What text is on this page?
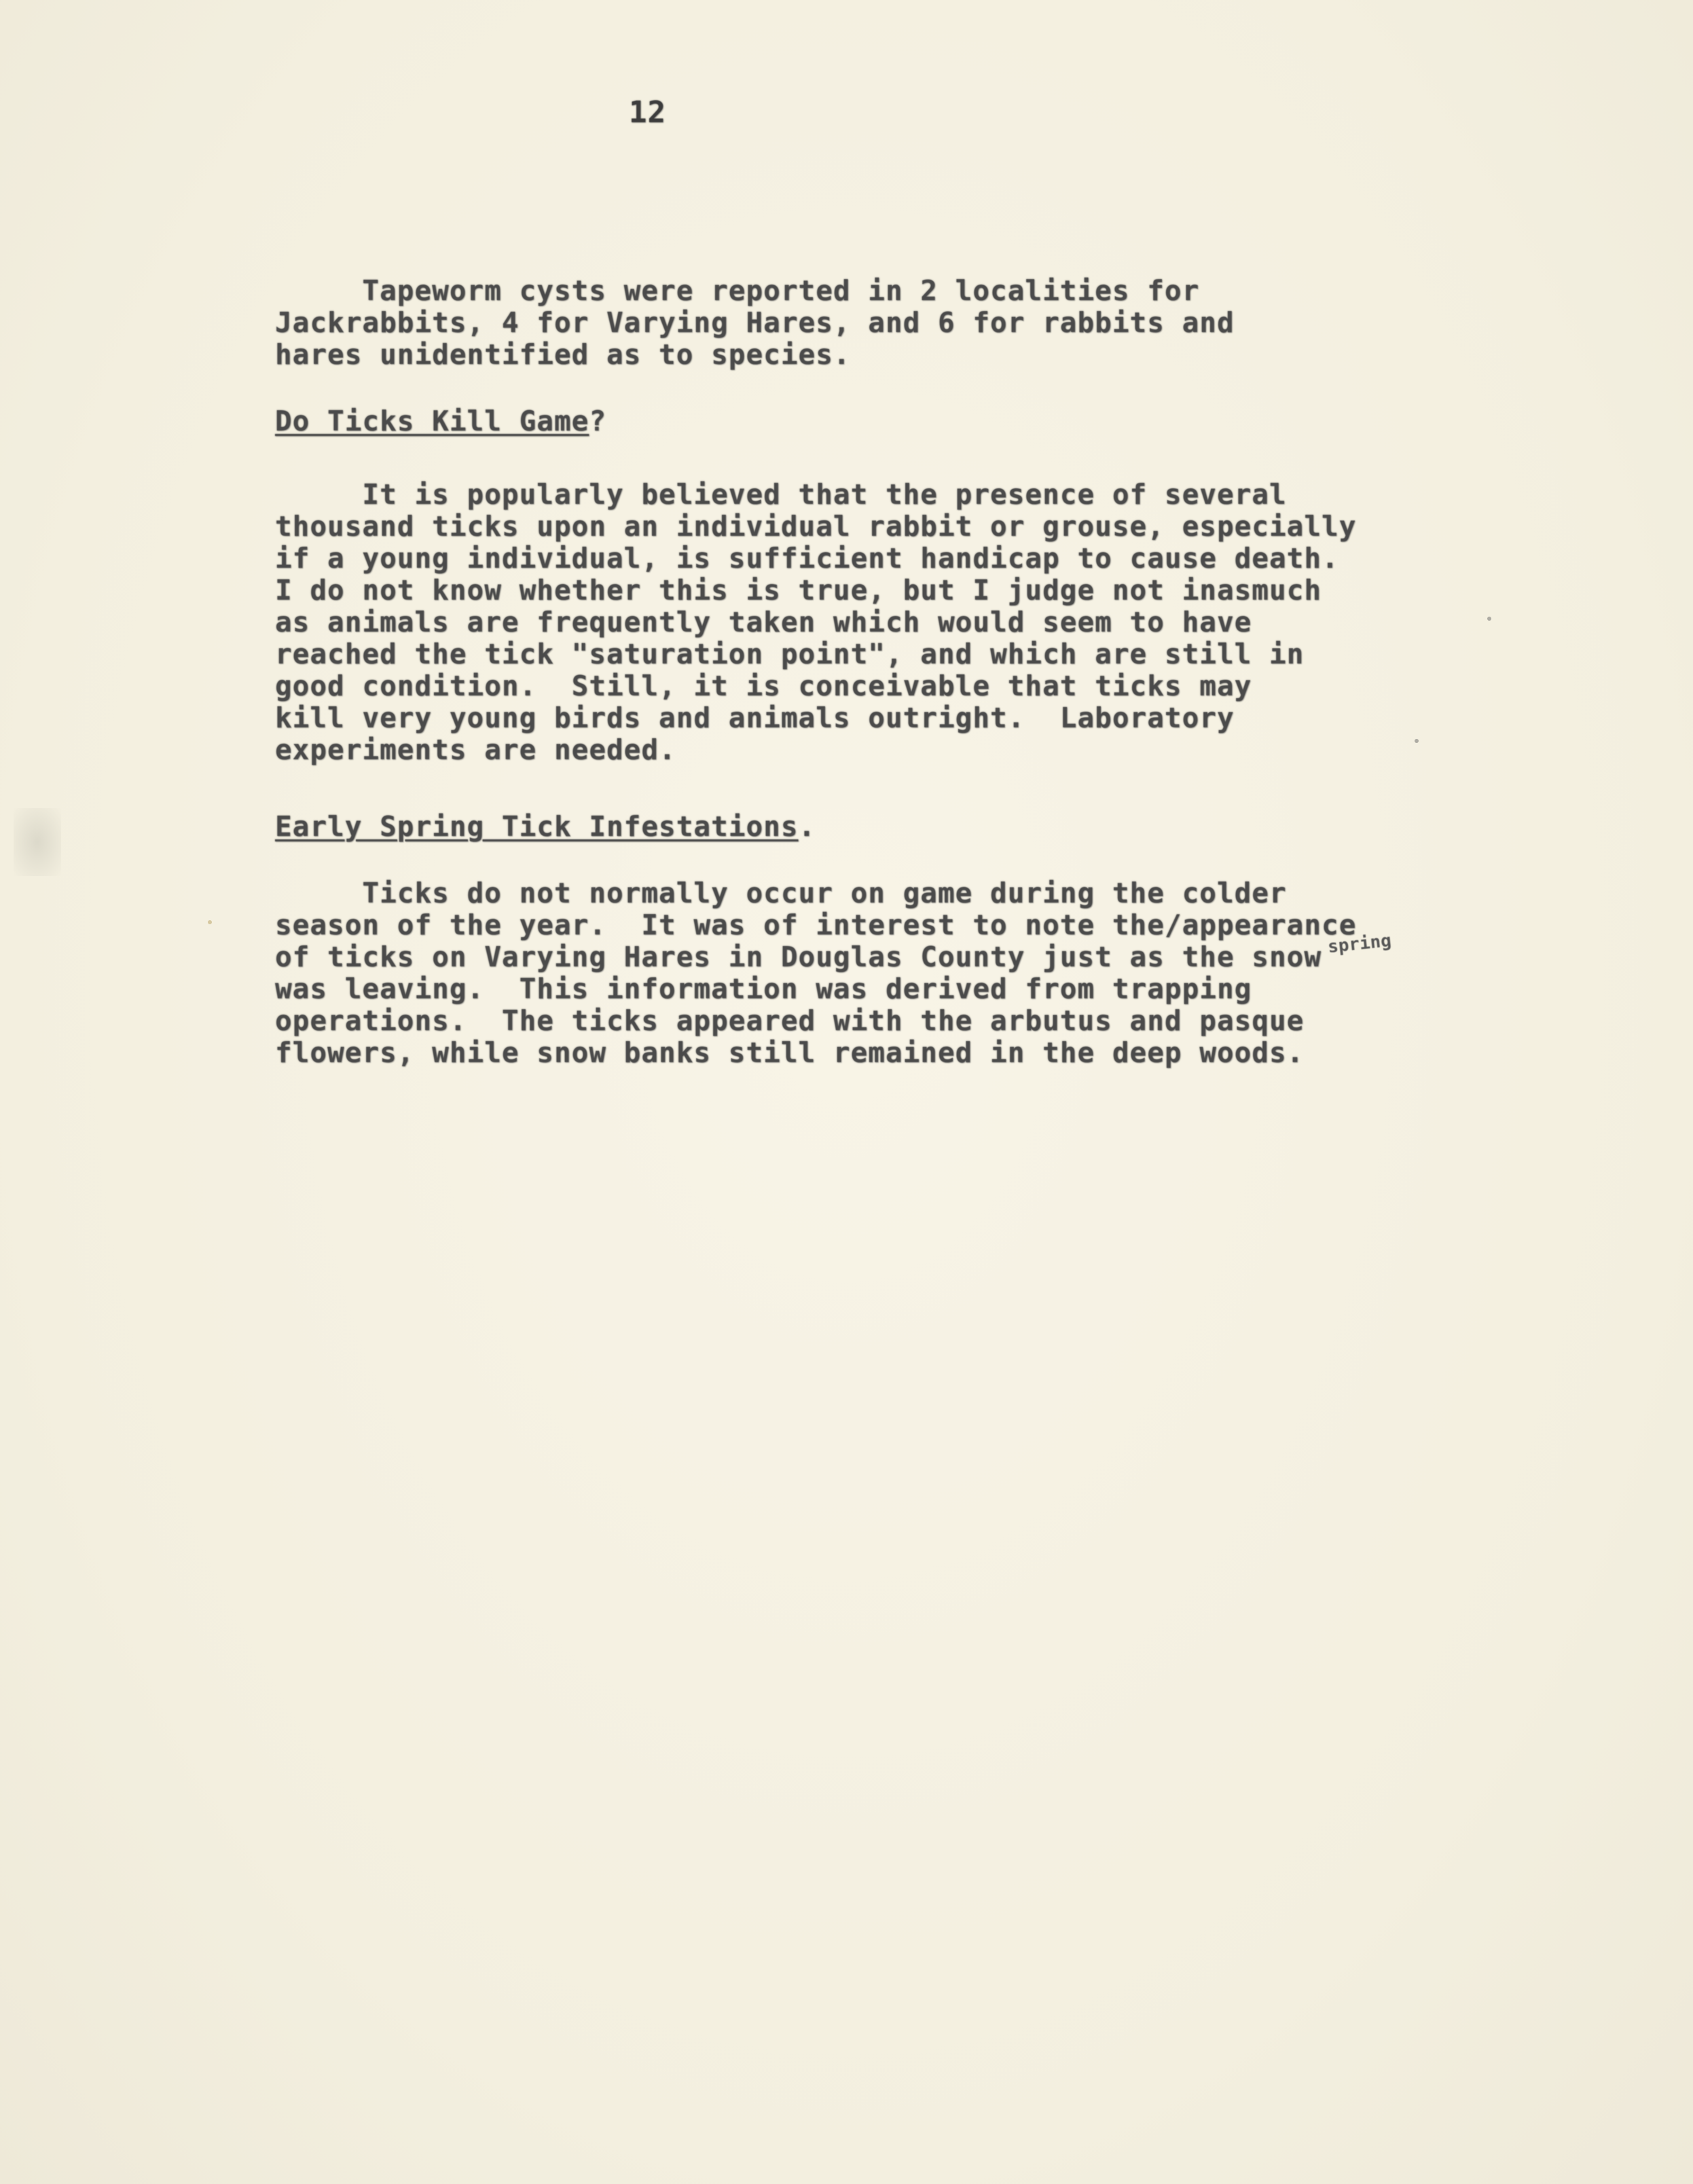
12
Tapeworm cysts were reported in 2 localities for
Jackrabbits, 4 for Varying Hares, and 6 for rabbits and
hares unidentified as to species.
Do Ticks Kill Game?
It is popularly believed that the presence of several
thousand ticks upon an individual rabbit or grouse, especially
if a young individual, is sufficient handicap to cause death.
I do not know whether this is true, but I judge not inasmuch
as animals are frequently taken which would seem to have
reached the tick "saturation point", and which are still in
good condition.  Still, it is conceivable that ticks may
kill very young birds and animals outright.  Laboratory
experiments are needed.
Early Spring Tick Infestations.
Ticks do not normally occur on game during the colder
season of the year.  It was of interest to note the/appearance
of ticks on Varying Hares in Douglas County just as the snow
was leaving.  This information was derived from trapping
operations.  The ticks appeared with the arbutus and pasque
flowers, while snow banks still remained in the deep woods.
spring
